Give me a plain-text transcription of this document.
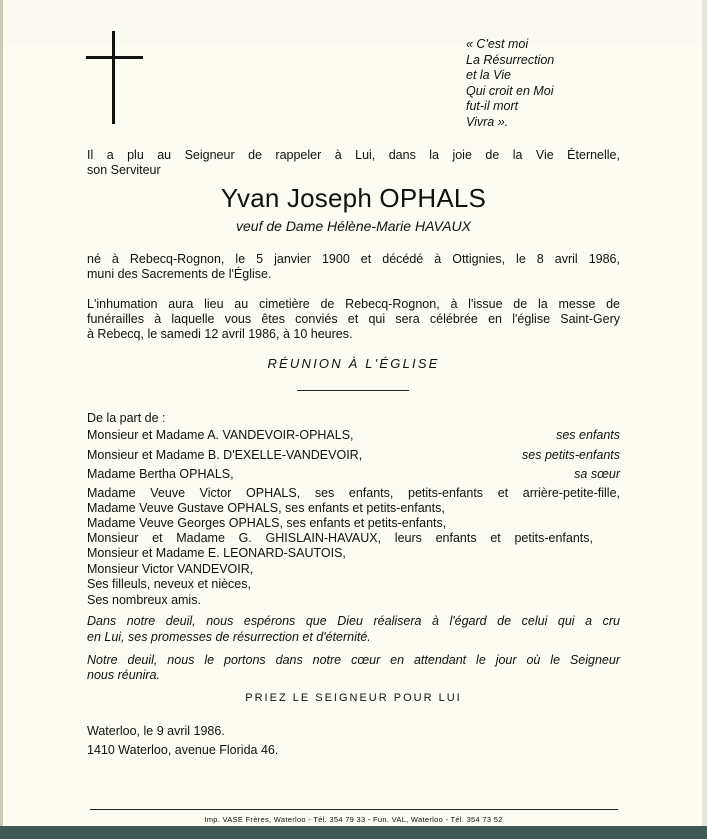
« C'est moi
La Résurrection
et la Vie
Qui croit en Moi
fut-il mort
Vivra ».
Il a plu au Seigneur de rappeler à Lui, dans la joie de la Vie Éternelle,
son Serviteur
Yvan Joseph OPHALS
veuf de Dame Hélène-Marie HAVAUX
né à Rebecq-Rognon, le 5 janvier 1900 et décédé à Ottignies, le 8 avril 1986,
muni des Sacrements de l'Église.
L'inhumation aura lieu au cimetière de Rebecq-Rognon, à l'issue de la messe de
funérailles à laquelle vous êtes conviés et qui sera célébrée en l'église Saint-Gery
à Rebecq, le samedi 12 avril 1986, à 10 heures.
RÉUNION À L'ÉGLISE
De la part de :
Monsieur et Madame A. VANDEVOIR-OPHALS,	ses enfants
Monsieur et Madame B. D'EXELLE-VANDEVOIR,	ses petits-enfants
Madame Bertha OPHALS,	sa sœur
Madame Veuve Victor OPHALS, ses enfants, petits-enfants et arrière-petite-fille,
Madame Veuve Gustave OPHALS, ses enfants et petits-enfants,
Madame Veuve Georges OPHALS, ses enfants et petits-enfants,
Monsieur et Madame G. GHISLAIN-HAVAUX, leurs enfants et petits-enfants,
Monsieur et Madame E. LEONARD-SAUTOIS,
Monsieur Victor VANDEVOIR,
Ses filleuls, neveux et nièces,
Ses nombreux amis.
Dans notre deuil, nous espérons que Dieu réalisera à l'égard de celui qui a cru
en Lui, ses promesses de résurrection et d'éternité.
Notre deuil, nous le portons dans notre cœur en attendant le jour où le Seigneur
nous réunira.
PRIEZ LE SEIGNEUR POUR LUI
Waterloo, le 9 avril 1986.
1410 Waterloo, avenue Florida 46.
Imp. VASE Frères, Waterloo - Tél. 354 79 33 - Fun. VAL, Waterloo - Tél. 354 73 52
